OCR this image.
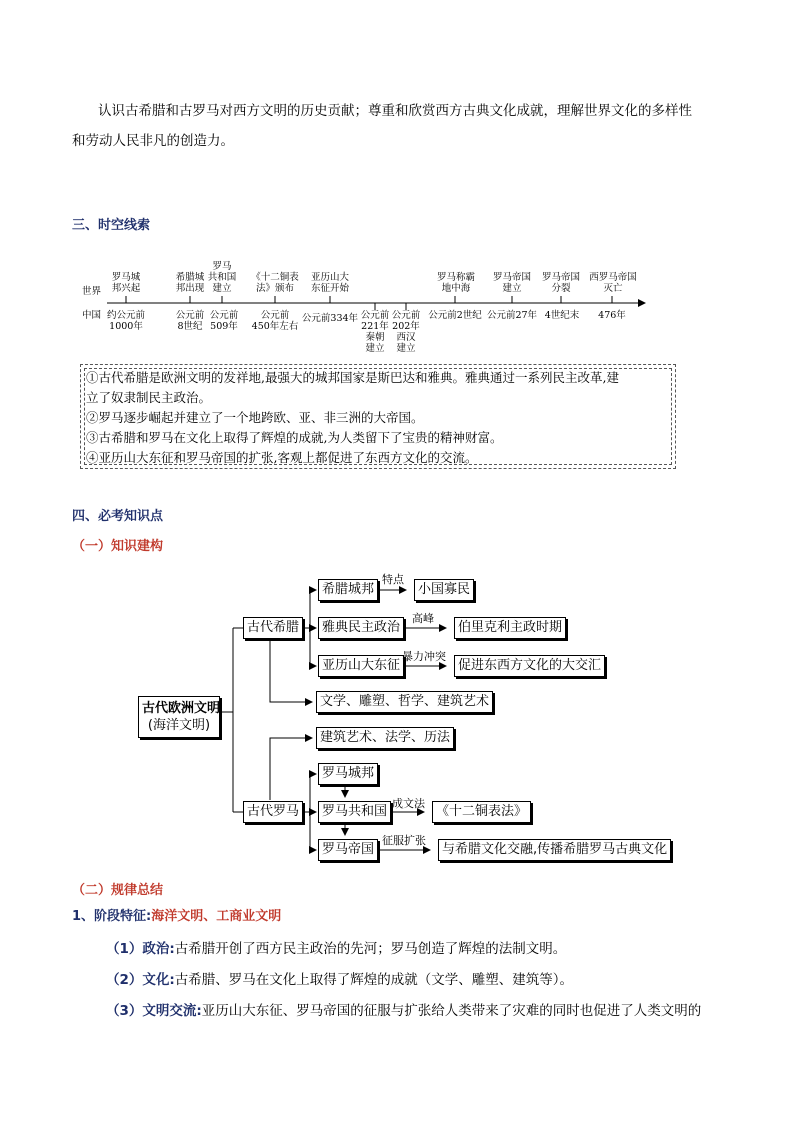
认识古希腊和古罗马对西方文明的历史贡献；尊重和欣赏西方古典文化成就，理解世界文化的多样性
和劳动人民非凡的创造力。
三、时空线索
世界
中国
罗马城
邦兴起
希腊城
邦出现
罗马
共和国
建立
《十二铜表
法》颁布
亚历山大
东征开始
罗马称霸
地中海
罗马帝国
建立
罗马帝国
分裂
西罗马帝国
灭亡
约公元前
1000年
公元前
8世纪
公元前
509年
公元前
450年左右
公元前334年 公元前
221年
秦朝
建立
公元前
202年
西汉
建立
公元前2世纪 公元前27年 4世纪末	476年
①古代希腊是欧洲文明的发祥地,最强大的城邦国家是斯巴达和雅典。雅典通过一系列民主改革,建
立了奴隶制民主政治。
②罗马逐步崛起并建立了一个地跨欧、亚、非三洲的大帝国。
③古希腊和罗马在文化上取得了辉煌的成就,为人类留下了宝贵的精神财富。
④亚历山大东征和罗马帝国的扩张,客观上都促进了东西方文化的交流。
四、必考知识点
（一）知识建构
古代欧洲文明
(海洋文明)
古代希腊
古代罗马
希腊城邦
特点
小国寡民
雅典民主政治
高峰
伯里克利主政时期
亚历山大东征
暴力冲突
促进东西方文化的大交汇
文学、雕塑、哲学、建筑艺术
建筑艺术、法学、历法
罗马城邦
罗马共和国
成文法
《十二铜表法》
罗马帝国
征服扩张
与希腊文化交融,传播希腊罗马古典文化
（二）规律总结
1、阶段特征:海洋文明、工商业文明
（1）政治:古希腊开创了西方民主政治的先河；罗马创造了辉煌的法制文明。
（2）文化:古希腊、罗马在文化上取得了辉煌的成就（文学、雕塑、建筑等）。
（3）文明交流:亚历山大东征、罗马帝国的征服与扩张给人类带来了灾难的同时也促进了人类文明的
